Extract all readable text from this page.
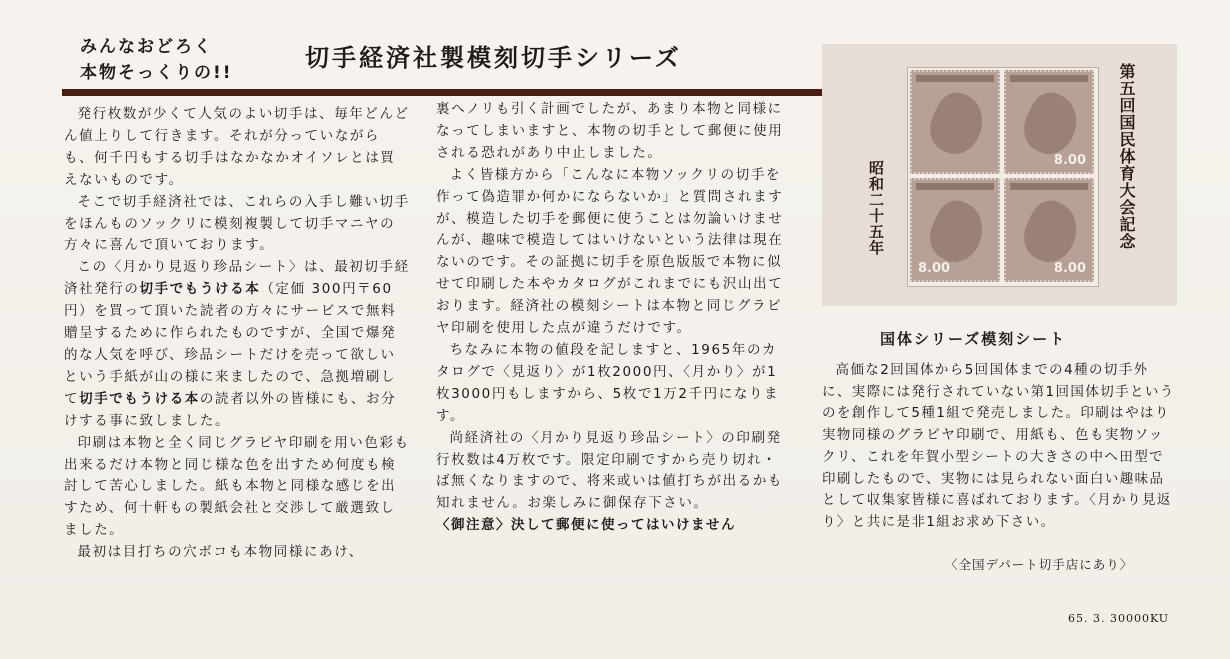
みんなおどろく
本物そっくりの!!
切手経済社製模刻切手シリーズ

発行枚数が少くて人気のよい切手は、毎年どんどん値上りして行きます。それが分っていながらも、何千円もする切手はなかなかオイソレとは買えないものです。

そこで切手経済社では、これらの入手し難い切手をほんものソックリに模刻複製して切手マニヤの方々に喜んで頂いております。

この〈月かり見返り珍品シート〉は、最初切手経済社発行の切手でもうける本（定価 300円〒60円）を買って頂いた読者の方々にサービスで無料贈呈するために作られたものですが、全国で爆発的な人気を呼び、珍品シートだけを売って欲しいという手紙が山の様に来ましたので、急拠増刷して切手でもうける本の読者以外の皆様にも、お分けする事に致しました。

印刷は本物と全く同じグラビヤ印刷を用い色彩も出来るだけ本物と同じ様な色を出すため何度も検討して苦心しました。紙も本物と同様な感じを出すため、何十軒もの製紙会社と交渉して厳選致しました。

最初は目打ちの穴ボコも本物同様にあけ、

裏へノリも引く計画でしたが、あまり本物と同様になってしまいますと、本物の切手として郵便に使用される恐れがあり中止しました。

よく皆様方から「こんなに本物ソックリの切手を作って偽造罪か何かにならないか」と質問されますが、模造した切手を郵便に使うことは勿論いけませんが、趣味で模造してはいけないという法律は現在ないのです。その証拠に切手を原色版版で本物に似せて印刷した本やカタログがこれまでにも沢山出ております。経済社の模刻シートは本物と同じグラビヤ印刷を使用した点が違うだけです。

ちなみに本物の値段を記しますと、1965年のカタログで〈見返り〉が1枚2000円、〈月かり〉が1枚3000円もしますから、5枚で1万2千円になります。

尚経済社の〈月かり見返り珍品シート〉の印刷発行枚数は4万枚です。限定印刷ですから売り切れ・ば無くなりますので、将来或いは値打ちが出るかも知れません。お楽しみに御保存下さい。

〈御注意〉決して郵便に使ってはいけません

8.00
8.00	8.00
第五回国民体育大会記念
昭和二十五年
国体シリーズ模刻シート

高価な2回国体から5回国体までの4種の切手外に、実際には発行されていない第1回国体切手というのを創作して5種1組で発売しました。印刷はやはり実物同様のグラビヤ印刷で、用紙も、色も実物ソックリ、これを年賀小型シートの大きさの中へ田型で印刷したもので、実物には見られない面白い趣味品として収集家皆様に喜ばれております。〈月かり見返り〉と共に是非1組お求め下さい。

〈全国デパート切手店にあり〉
65. 3. 30000KU
